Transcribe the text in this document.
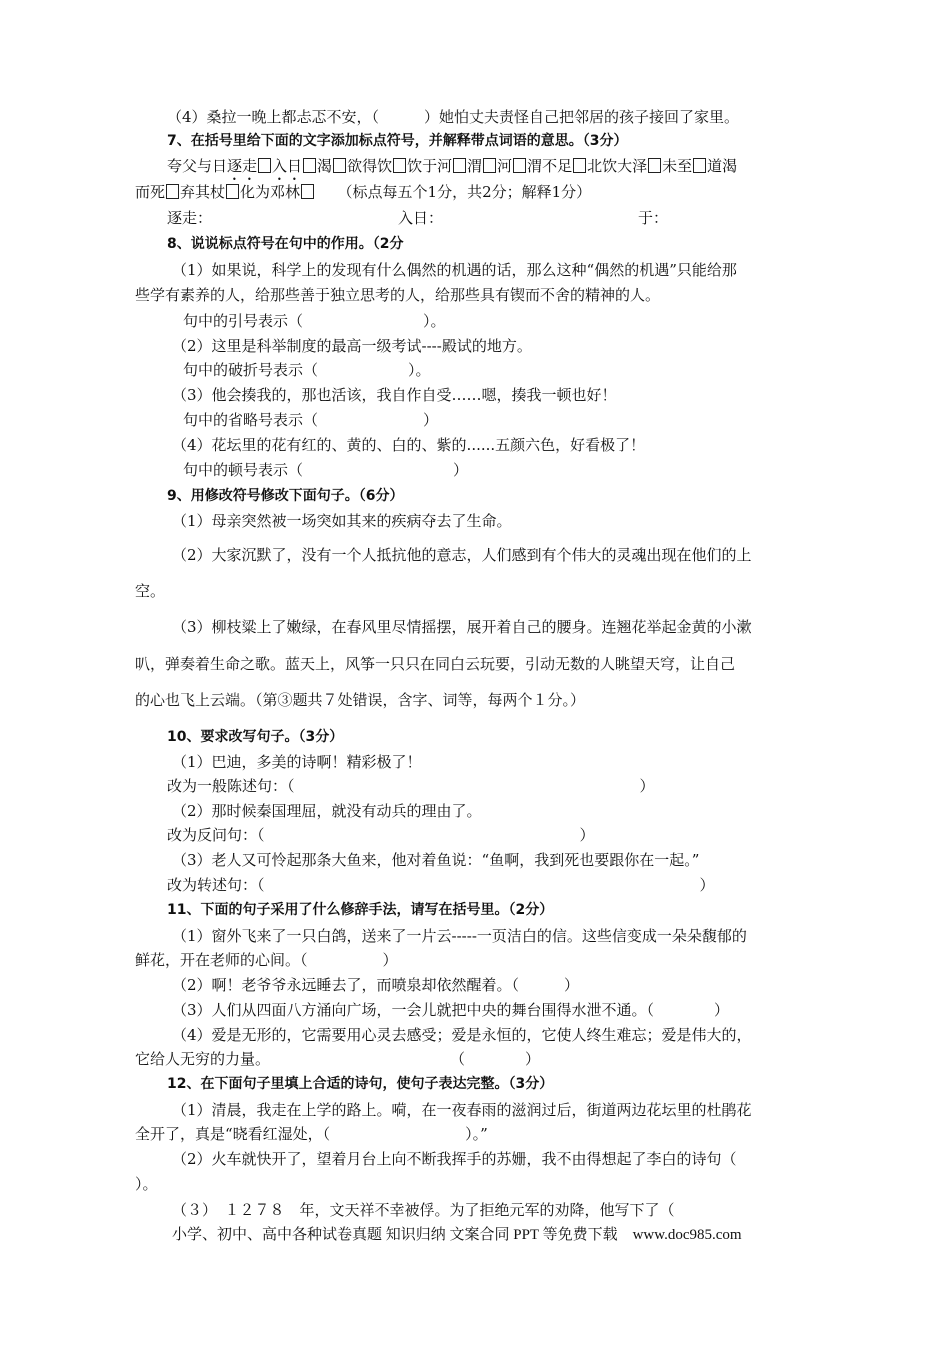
（4）桑拉一晚上都忐忑不安，（　　　）她怕丈夫责怪自己把邻居的孩子接回了家里。
7、在括号里给下面的文字添加标点符号，并解释带点词语的意思。（3分）
夸父与日逐走 入日 渴 欲得饮 饮于河 渭 河 渭不足 北饮大泽 未至 道渴
而死 弃其杖 化为邓林　　（标点每五个1分，共2分；解释1分）
逐走：	入日：	于：
8、说说标点符号在句中的作用。（2分
（1）如果说，科学上的发现有什么偶然的机遇的话，那么这种“偶然的机遇”只能给那
些学有素养的人，给那些善于独立思考的人，给那些具有锲而不舍的精神的人。
句中的引号表示（　　　　　　　　）。
（2）这里是科举制度的最高一级考试----殿试的地方。
句中的破折号表示（　　　　　　）。
（3）他会揍我的，那也活该，我自作自受……嗯，揍我一顿也好！
句中的省略号表示（　　　　　　　）
（4）花坛里的花有红的、黄的、白的、紫的......五颜六色，好看极了！
句中的顿号表示（　　　　　　　　　　）
9、用修改符号修改下面句子。（6分）
（1）母亲突然被一场突如其来的疾病夺去了生命。
（2）大家沉默了，没有一个人抵抗他的意志，人们感到有个伟大的灵魂出现在他们的上
空。
（3）柳枝粱上了嫩绿，在春风里尽情摇摆，展开着自己的腰身。连翘花举起金黄的小漱
叭，弹奏着生命之歌。蓝天上，风筝一只只在同白云玩要，引动无数的人眺望天穹，让自己
的心也飞上云端。（第③题共７处错误，含字、词等，每两个１分。）
10、要求改写句子。（3分）
（1）巴迪，多美的诗啊！精彩极了！
改为一般陈述句：（　　　　　　　　　　　　　　　　　　　　　　　）
（2）那时候秦国理屈，就没有动兵的理由了。
改为反问句：（　　　　　　　　　　　　　　　　　　　　　）
（3）老人又可怜起那条大鱼来，他对着鱼说：“鱼啊，我到死也要跟你在一起。”
改为转述句：（　　　　　　　　　　　　　　　　　　　　　　　　　　　　　）
11、下面的句子采用了什么修辞手法，请写在括号里。（2分）
（1）窗外飞来了一只白鸽，送来了一片云-----一页洁白的信。这些信变成一朵朵馥郁的
鲜花，开在老师的心间。（　　　　　）
（2）啊！老爷爷永远睡去了，而喷泉却依然醒着。（　　　）
（3）人们从四面八方涌向广场，一会儿就把中央的舞台围得水泄不通。（　　　　）
（4）爱是无形的，它需要用心灵去感受；爱是永恒的，它使人终生难忘；爱是伟大的，
它给人无穷的力量。　　　　　　　　　　　　　（　　　　）
12、在下面句子里填上合适的诗句，使句子表达完整。（3分）
（1）清晨，我走在上学的路上。嗬，在一夜春雨的滋润过后，街道两边花坛里的杜鹃花
全开了，真是“晓看红湿处，（　　　　　　　　　）。”
（2）火车就快开了，望着月台上向不断我挥手的苏姗，我不由得想起了李白的诗句（
）。
（３）　１２７８　年，文天祥不幸被俘。为了拒绝元军的劝降，他写下了（
小学、初中、高中各种试卷真题 知识归纳 文案合同 PPT 等免费下载　www.doc985.com
